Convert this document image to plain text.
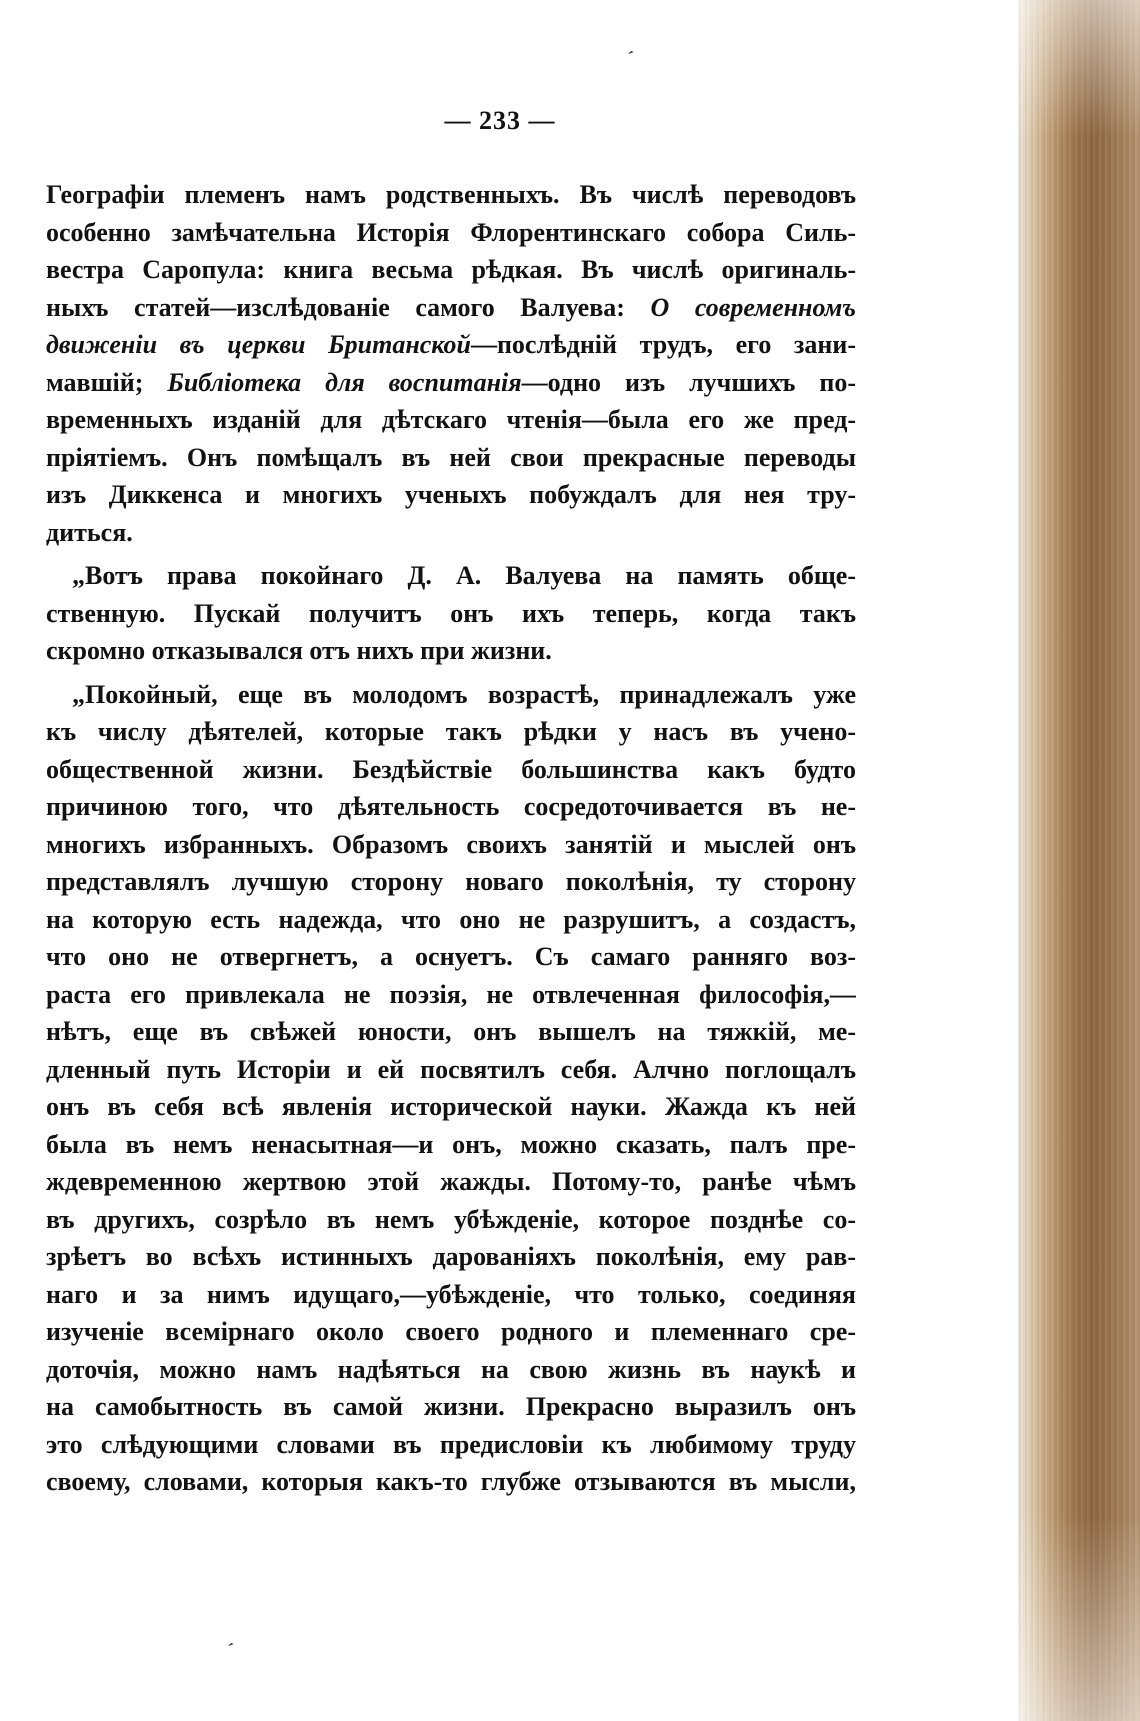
ˊ
ˊ
— 233 —
Географіи племенъ намъ родственныхъ. Въ числѣ переводовъ
особенно замѣчательна Исторія Флорентинскаго собора Силь-
вестра Саропула: книга весьма рѣдкая. Въ числѣ оригиналь-
ныхъ статей—изслѣдованіе самого Валуева: О современномъ
движеніи въ церкви Британской—послѣдній трудъ, его зани-
мавшій; Библіотека для воспитанія—одно изъ лучшихъ по-
временныхъ изданій для дѣтскаго чтенія—была его же пред-
пріятіемъ. Онъ помѣщалъ въ ней свои прекрасные переводы
изъ Диккенса и многихъ ученыхъ побуждалъ для нея тру-
диться.
„Вотъ права покойнаго Д. А. Валуева на память обще-
ственную. Пускай получитъ онъ ихъ теперь, когда такъ
скромно отказывался отъ нихъ при жизни.
„Покойный, еще въ молодомъ возрастѣ, принадлежалъ уже
къ числу дѣятелей, которые такъ рѣдки у насъ въ учено-
общественной жизни. Бездѣйствіе большинства какъ будто
причиною того, что дѣятельность сосредоточивается въ не-
многихъ избранныхъ. Образомъ своихъ занятій и мыслей онъ
представлялъ лучшую сторону новаго поколѣнія, ту сторону
на которую есть надежда, что оно не разрушитъ, а создастъ,
что оно не отвергнетъ, а оснуетъ. Съ самаго ранняго воз-
раста его привлекала не поэзія, не отвлеченная философія,—
нѣтъ, еще въ свѣжей юности, онъ вышелъ на тяжкій, ме-
дленный путь Исторіи и ей посвятилъ себя. Алчно поглощалъ
онъ въ себя всѣ явленія исторической науки. Жажда къ ней
была въ немъ ненасытная—и онъ, можно сказать, палъ пре-
ждевременною жертвою этой жажды. Потому-то, ранѣе чѣмъ
въ другихъ, созрѣло въ немъ убѣжденіе, которое позднѣе со-
зрѣетъ во всѣхъ истинныхъ дарованіяхъ поколѣнія, ему рав-
наго и за нимъ идущаго,—убѣжденіе, что только, соединяя
изученіе всемірнаго около своего родного и племеннаго сре-
доточія, можно намъ надѣяться на свою жизнь въ наукѣ и
на самобытность въ самой жизни. Прекрасно выразилъ онъ
это слѣдующими словами въ предисловіи къ любимому труду
своему, словами, которыя какъ-то глубже отзываются въ мысли,
